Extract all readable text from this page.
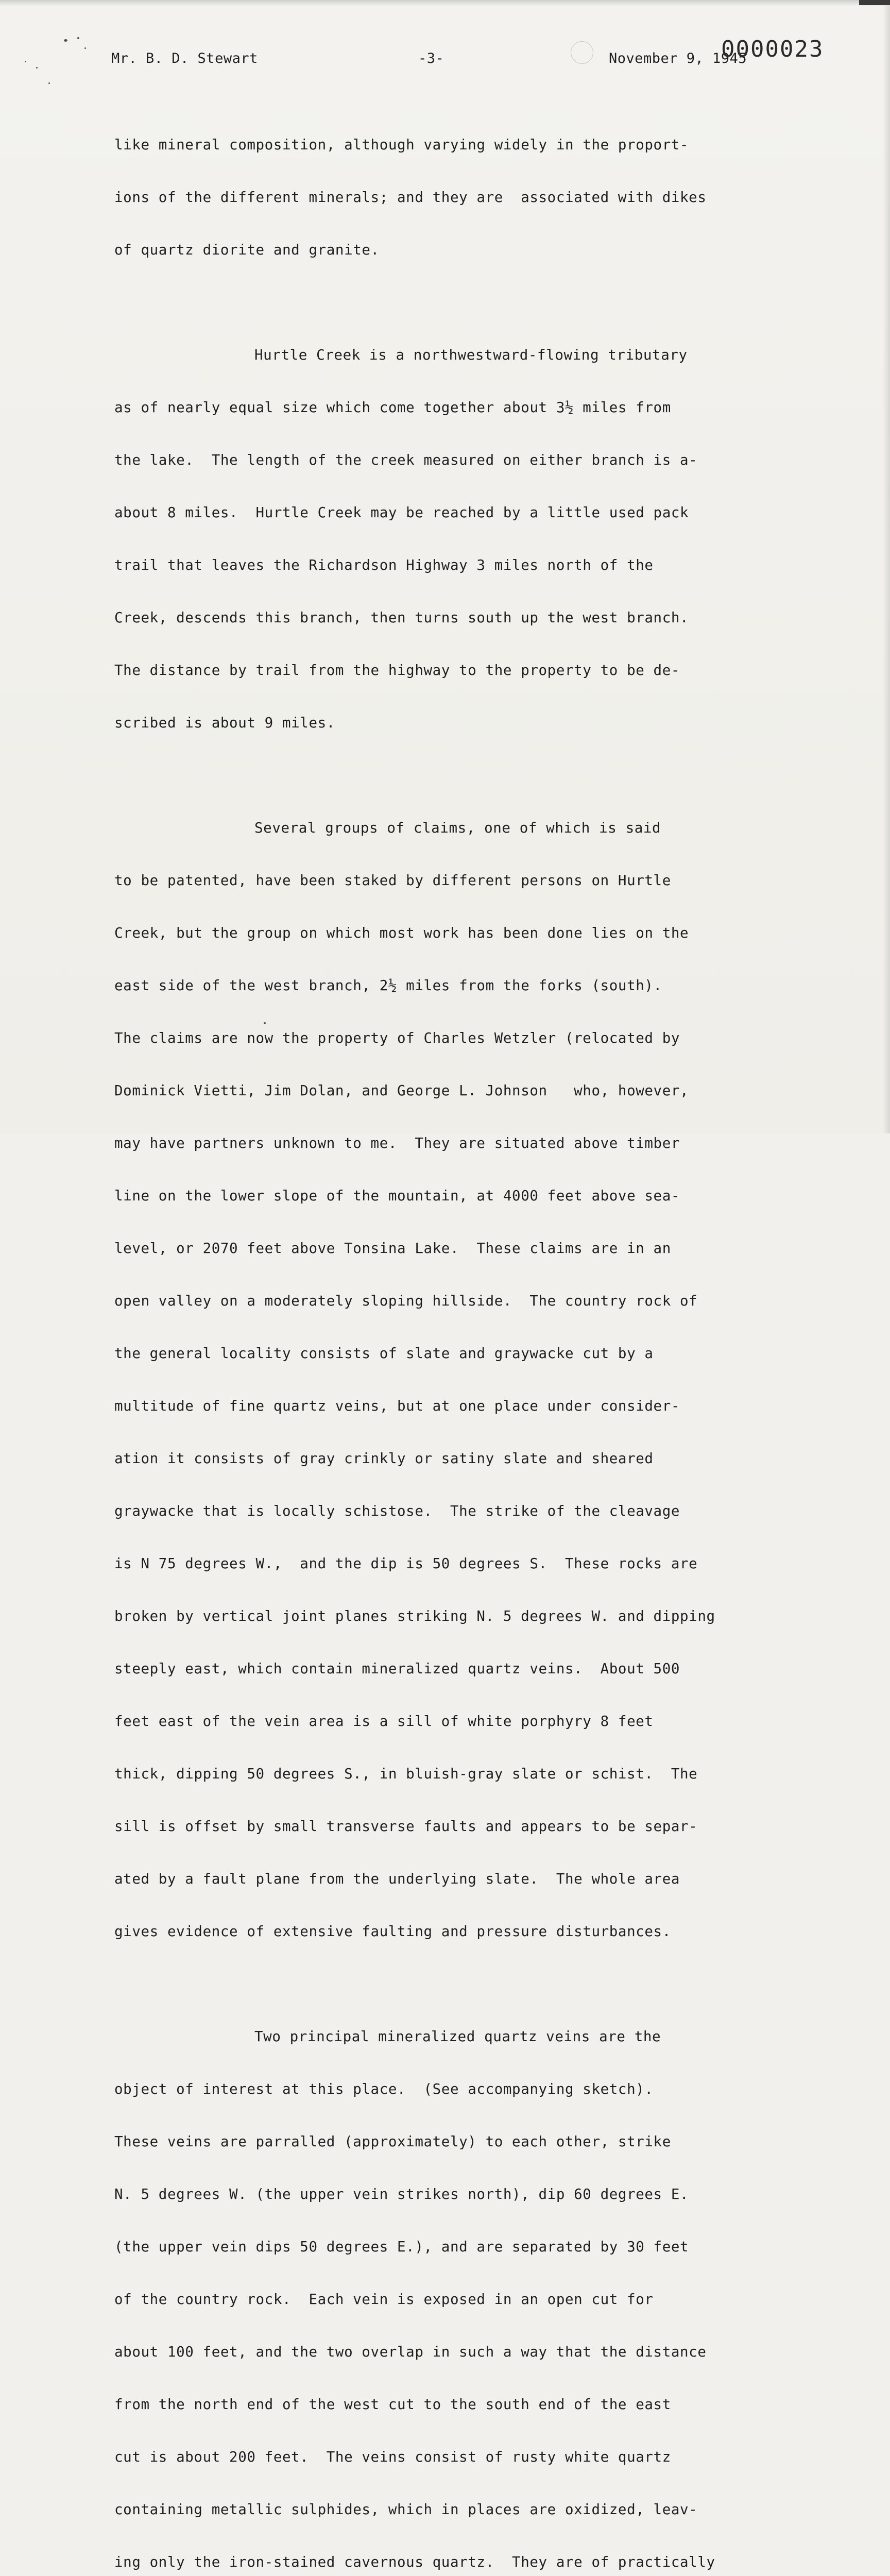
Mr. B. D. Stewart	-3-	November 9, 1945
0000023

like mineral composition, although varying widely in the proport-

ions of the different minerals; and they are  associated with dikes

of quartz diorite and granite.

Hurtle Creek is a northwestward-flowing tributary

as of nearly equal size which come together about 3½ miles from

the lake.  The length of the creek measured on either branch is a-

about 8 miles.  Hurtle Creek may be reached by a little used pack

trail that leaves the Richardson Highway 3 miles north of the

Creek, descends this branch, then turns south up the west branch.

The distance by trail from the highway to the property to be de-

scribed is about 9 miles.

Several groups of claims, one of which is said

to be patented, have been staked by different persons on Hurtle

Creek, but the group on which most work has been done lies on the

east side of the west branch, 2½ miles from the forks (south).

The claims are now the property of Charles Wetzler (relocated by

Dominick Vietti, Jim Dolan, and George L. Johnson   who, however,

may have partners unknown to me.  They are situated above timber

line on the lower slope of the mountain, at 4000 feet above sea-

level, or 2070 feet above Tonsina Lake.  These claims are in an

open valley on a moderately sloping hillside.  The country rock of

the general locality consists of slate and graywacke cut by a

multitude of fine quartz veins, but at one place under consider-

ation it consists of gray crinkly or satiny slate and sheared

graywacke that is locally schistose.  The strike of the cleavage

is N 75 degrees W.,  and the dip is 50 degrees S.  These rocks are

broken by vertical joint planes striking N. 5 degrees W. and dipping

steeply east, which contain mineralized quartz veins.  About 500

feet east of the vein area is a sill of white porphyry 8 feet

thick, dipping 50 degrees S., in bluish-gray slate or schist.  The

sill is offset by small transverse faults and appears to be separ-

ated by a fault plane from the underlying slate.  The whole area

gives evidence of extensive faulting and pressure disturbances.

Two principal mineralized quartz veins are the

object of interest at this place.  (See accompanying sketch).

These veins are parralled (approximately) to each other, strike

N. 5 degrees W. (the upper vein strikes north), dip 60 degrees E.

(the upper vein dips 50 degrees E.), and are separated by 30 feet

of the country rock.  Each vein is exposed in an open cut for

about 100 feet, and the two overlap in such a way that the distance

from the north end of the west cut to the south end of the east

cut is about 200 feet.  The veins consist of rusty white quartz

containing metallic sulphides, which in places are oxidized, leav-

ing only the iron-stained cavernous quartz.  They are of practically
